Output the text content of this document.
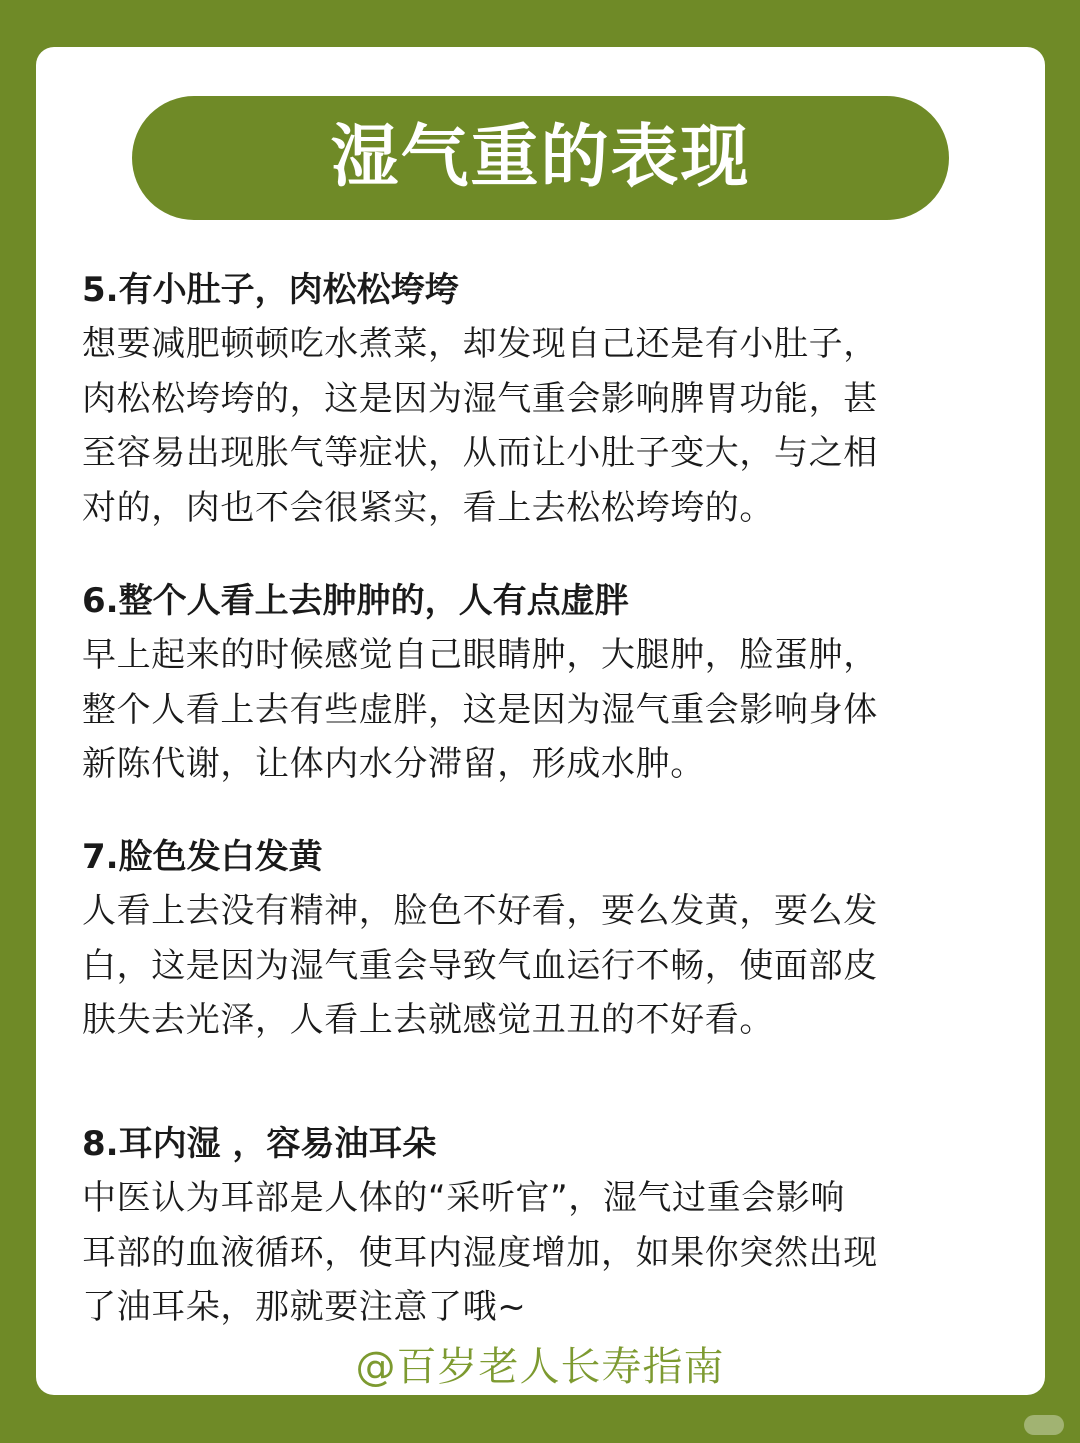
湿气重的表现
5.有小肚子，肉松松垮垮
想要减肥顿顿吃水煮菜，却发现自己还是有小肚子，
肉松松垮垮的，这是因为湿气重会影响脾胃功能，甚
至容易出现胀气等症状，从而让小肚子变大，与之相
对的，肉也不会很紧实，看上去松松垮垮的。
6.整个人看上去肿肿的，人有点虚胖
早上起来的时候感觉自己眼睛肿，大腿肿，脸蛋肿，
整个人看上去有些虚胖，这是因为湿气重会影响身体
新陈代谢，让体内水分滞留，形成水肿。
7.脸色发白发黄
人看上去没有精神，脸色不好看，要么发黄，要么发
白，这是因为湿气重会导致气血运行不畅，使面部皮
肤失去光泽，人看上去就感觉丑丑的不好看。
8.耳内湿 ，容易油耳朵
中医认为耳部是人体的“采听官”，湿气过重会影响
耳部的血液循环，使耳内湿度增加，如果你突然出现
了油耳朵，那就要注意了哦~
@百岁老人长寿指南
